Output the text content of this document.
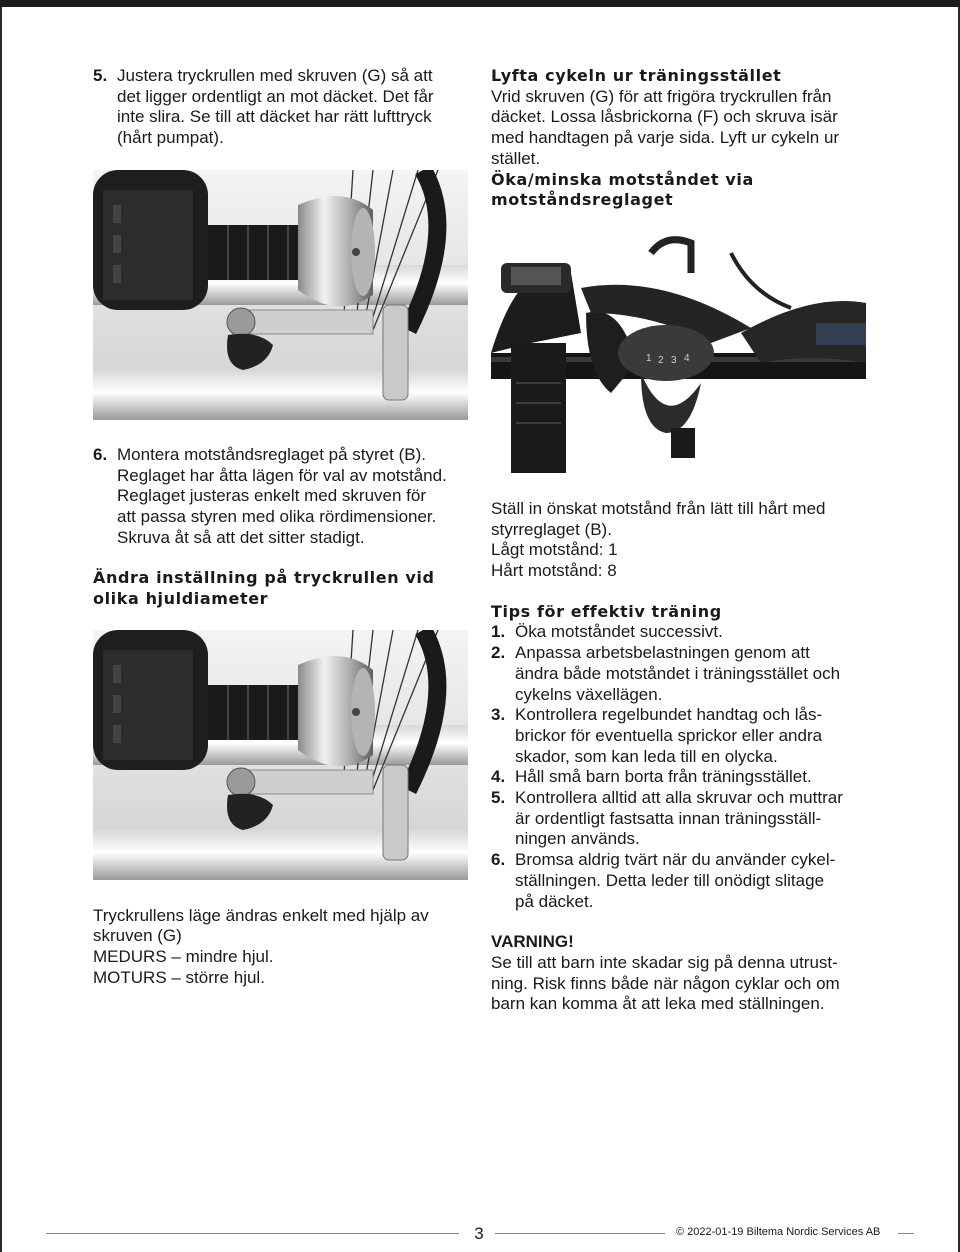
5. Justera tryckrullen med skruven (G) så att
det ligger ordentligt an mot däcket. Det får
inte slira. Se till att däcket har rätt lufttryck
(hårt pumpat).
6. Montera motståndsreglaget på styret (B).
Reglaget har åtta lägen för val av motstånd.
Reglaget justeras enkelt med skruven för
att passa styren med olika rördimensioner.
Skruva åt så att det sitter stadigt.
Ändra inställning på tryckrullen vid
olika hjuldiameter

Tryckrullens läge ändras enkelt med hjälp av

skruven (G)

MEDURS – mindre hjul.

MOTURS – större hjul.

Lyfta cykeln ur träningsstället

Vrid skruven (G) för att frigöra tryckrullen från

däcket. Lossa låsbrickorna (F) och skruva isär

med handtagen på varje sida. Lyft ur cykeln ur

stället.

Öka/minska motståndet via
motståndsreglaget
1 2 3 4

Ställ in önskat motstånd från lätt till hårt med

styrreglaget (B).

Lågt motstånd: 1

Hårt motstånd: 8

Tips för effektiv träning
1. Öka motståndet successivt.
2. Anpassa arbetsbelastningen genom att
ändra både motståndet i träningsstället och
cykelns växellägen.
3. Kontrollera regelbundet handtag och lås-
brickor för eventuella sprickor eller andra
skador, som kan leda till en olycka.
4. Håll små barn borta från träningsstället.
5. Kontrollera alltid att alla skruvar och muttrar
är ordentligt fastsatta innan träningsställ-
ningen används.
6. Bromsa aldrig tvärt när du använder cykel-
ställningen. Detta leder till onödigt slitage
på däcket.

VARNING!

Se till att barn inte skadar sig på denna utrust-

ning. Risk finns både när någon cyklar och om

barn kan komma åt att leka med ställningen.

3	© 2022-01-19 Biltema Nordic Services AB
